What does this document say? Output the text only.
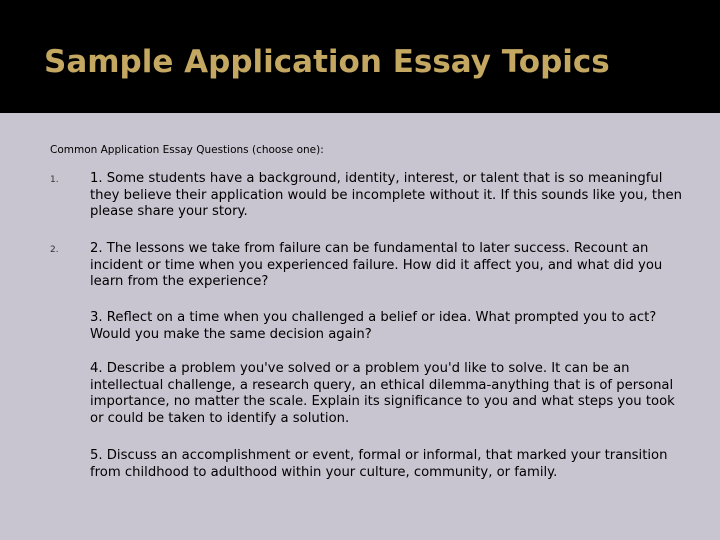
Sample Application Essay Topics

Common Application Essay Questions (choose one):

1. 1. Some students have a background, identity, interest, or talent that is so meaningful they believe their application would be incomplete without it. If this sounds like you, then please share your story.

2. 2. The lessons we take from failure can be fundamental to later success. Recount an incident or time when you experienced failure. How did it affect you, and what did you learn from the experience?

3. Reflect on a time when you challenged a belief or idea. What prompted you to act? Would you make the same decision again?

4. Describe a problem you've solved or a problem you'd like to solve. It can be an intellectual challenge, a research query, an ethical dilemma-anything that is of personal importance, no matter the scale. Explain its significance to you and what steps you took or could be taken to identify a solution.

5. Discuss an accomplishment or event, formal or informal, that marked your transition from childhood to adulthood within your culture, community, or family.
